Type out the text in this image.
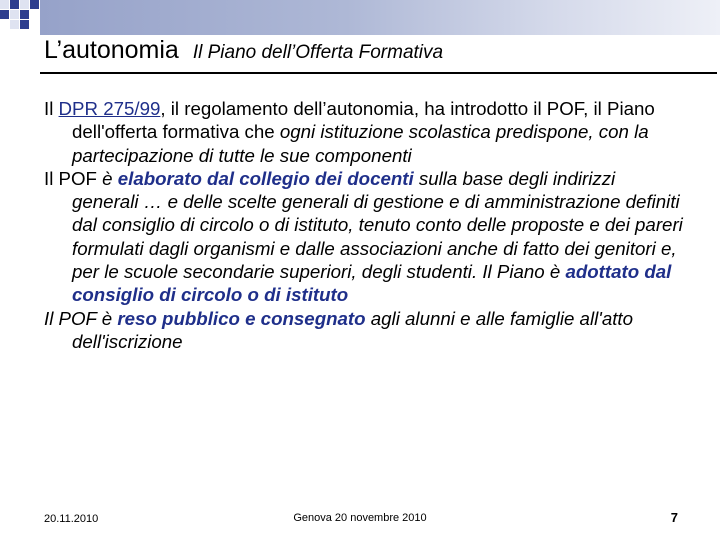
L’autonomia Il Piano dell’Offerta Formativa

Il DPR 275/99, il regolamento dell’autonomia, ha introdotto il POF, il Piano dell'offerta formativa che ogni istituzione scolastica predispone, con la partecipazione di tutte le sue componenti

Il POF è elaborato dal collegio dei docenti sulla base degli indirizzi generali … e delle scelte generali di gestione e di amministrazione definiti dal consiglio di circolo o di istituto, tenuto conto delle proposte e dei pareri formulati dagli organismi e dalle associazioni anche di fatto dei genitori e, per le scuole secondarie superiori, degli studenti. Il Piano è adottato dal consiglio di circolo o di istituto

Il POF è reso pubblico e consegnato agli alunni e alle famiglie all'atto dell'iscrizione

20.11.2010	Genova 20 novembre 2010	7
